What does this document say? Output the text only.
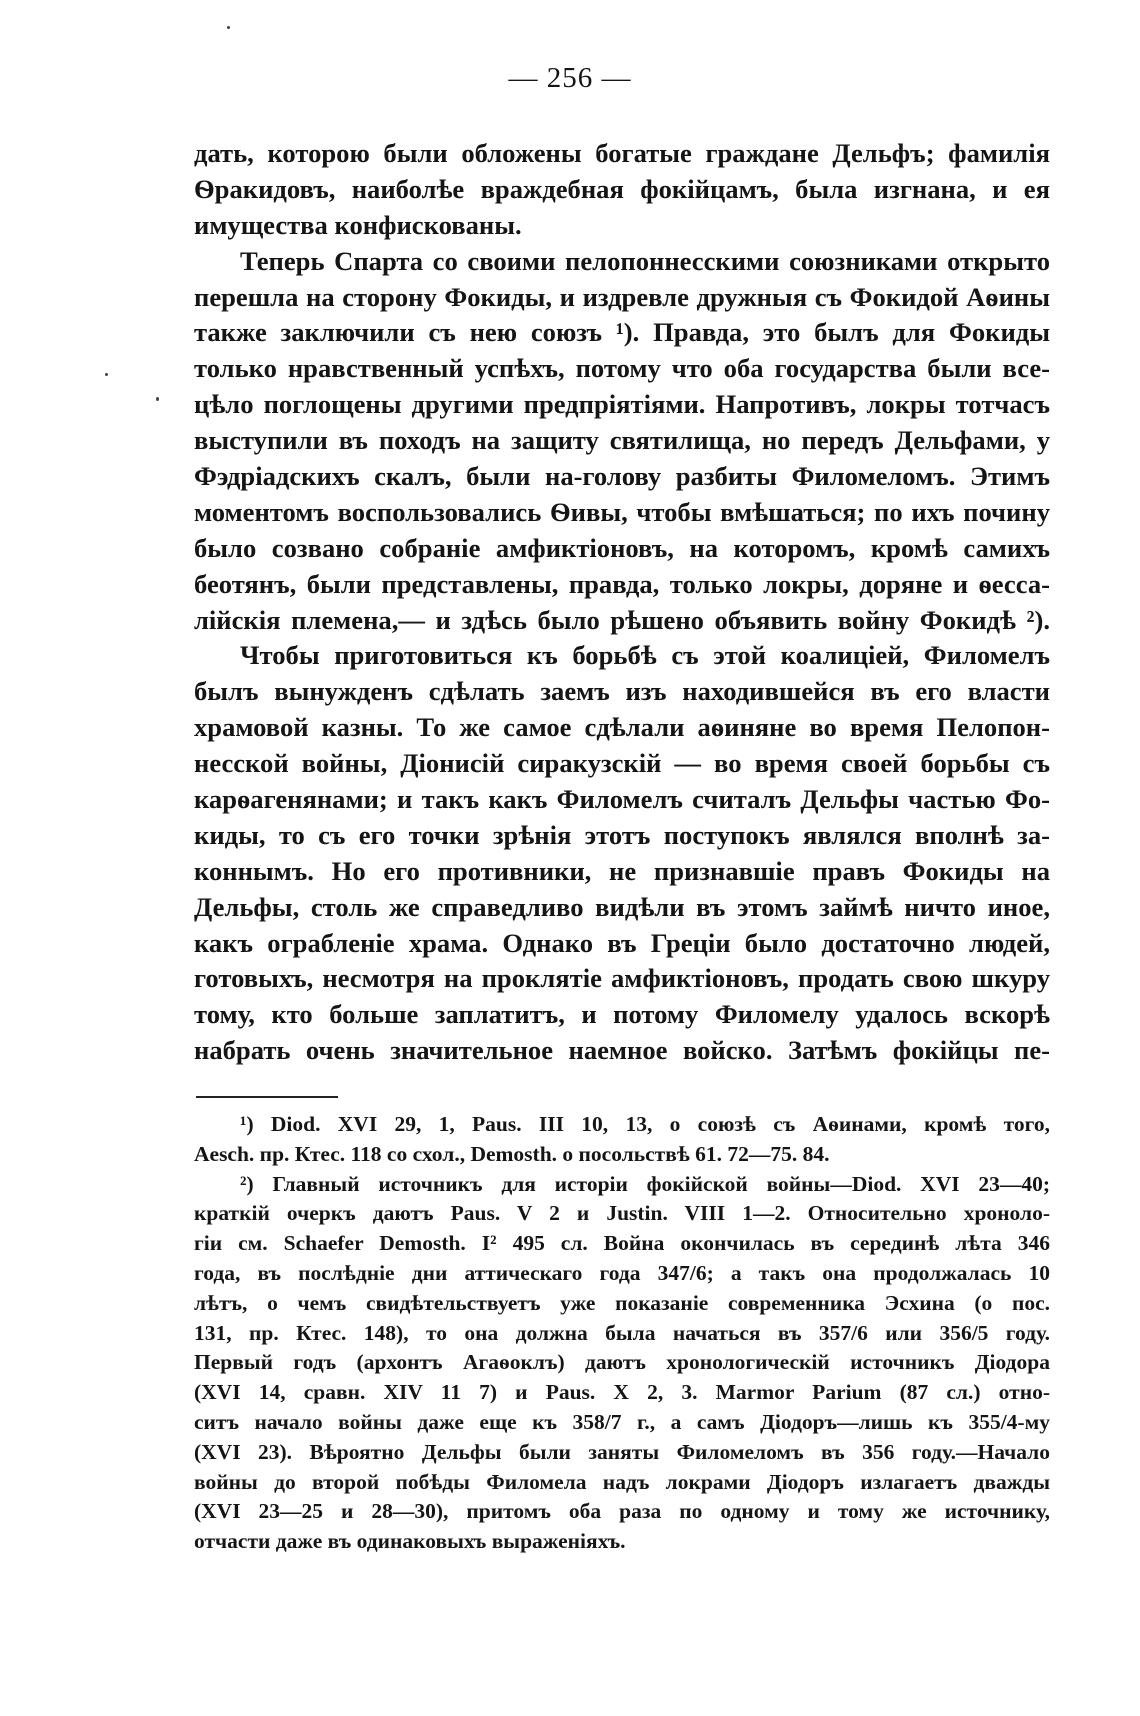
— 256 —
дать, которою были обложены богатые граждане Дельфъ; фамилія
Ѳракидовъ, наиболѣе враждебная фокійцамъ, была изгнана, и ея
имущества конфискованы.
Теперь Спарта со своими пелопоннесскими союзниками открыто
перешла на сторону Фокиды, и издревле дружныя съ Фокидой Аѳины
также заключили съ нею союзъ ¹). Правда, это былъ для Фокиды
только нравственный успѣхъ, потому что оба государства были все-
цѣло поглощены другими предпріятіями. Напротивъ, локры тотчасъ
выступили въ походъ на защиту святилища, но передъ Дельфами, у
Фэдріадскихъ скалъ, были на-голову разбиты Филомеломъ. Этимъ
моментомъ воспользовались Ѳивы, чтобы вмѣшаться; по ихъ почину
было созвано собраніе амфиктіоновъ, на которомъ, кромѣ самихъ
беотянъ, были представлены, правда, только локры, доряне и ѳесса-
лійскія племена,— и здѣсь было рѣшено объявить войну Фокидѣ ²).
Чтобы приготовиться къ борьбѣ съ этой коалиціей, Филомелъ
былъ вынужденъ сдѣлать заемъ изъ находившейся въ его власти
храмовой казны. То же самое сдѣлали аѳиняне во время Пелопон-
несской войны, Діонисій сиракузскій — во время своей борьбы съ
карѳагенянами; и такъ какъ Филомелъ считалъ Дельфы частью Фо-
киды, то съ его точки зрѣнія этотъ поступокъ являлся вполнѣ за-
коннымъ. Но его противники, не признавшіе правъ Фокиды на
Дельфы, столь же справедливо видѣли въ этомъ займѣ ничто иное,
какъ ограбленіе храма. Однако въ Греціи было достаточно людей,
готовыхъ, несмотря на проклятіе амфиктіоновъ, продать свою шкуру
тому, кто больше заплатитъ, и потому Филомелу удалось вскорѣ
набрать очень значительное наемное войско. Затѣмъ фокійцы пе-
¹) Diod. XVI 29, 1, Paus. III 10, 13, о союзѣ съ Аѳинами, кромѣ того,
Aesch. пр. Ктес. 118 со схол., Demosth. о посольствѣ 61. 72—75. 84.
²) Главный источникъ для исторіи фокійской войны—Diod. XVI 23—40;
краткій очеркъ даютъ Paus. V 2 и Justin. VIII 1—2. Относительно хроноло-
гіи см. Schaefer Demosth. I² 495 сл. Война окончилась въ серединѣ лѣта 346
года, въ послѣдніе дни аттическаго года 347/6; а такъ она продолжалась 10
лѣтъ, о чемъ свидѣтельствуетъ уже показаніе современника Эсхина (о пос.
131, пр. Ктес. 148), то она должна была начаться въ 357/6 или 356/5 году.
Первый годъ (архонтъ Агаѳоклъ) даютъ хронологическій источникъ Діодора
(XVI 14, сравн. XIV 11 7) и Paus. X 2, 3. Marmor Parium (87 сл.) отно-
ситъ начало войны даже еще къ 358/7 г., а самъ Діодоръ—лишь къ 355/4-му
(XVI 23). Вѣроятно Дельфы были заняты Филомеломъ въ 356 году.—Начало
войны до второй побѣды Филомела надъ локрами Діодоръ излагаетъ дважды
(XVI 23—25 и 28—30), притомъ оба раза по одному и тому же источнику,
отчасти даже въ одинаковыхъ выраженіяхъ.
